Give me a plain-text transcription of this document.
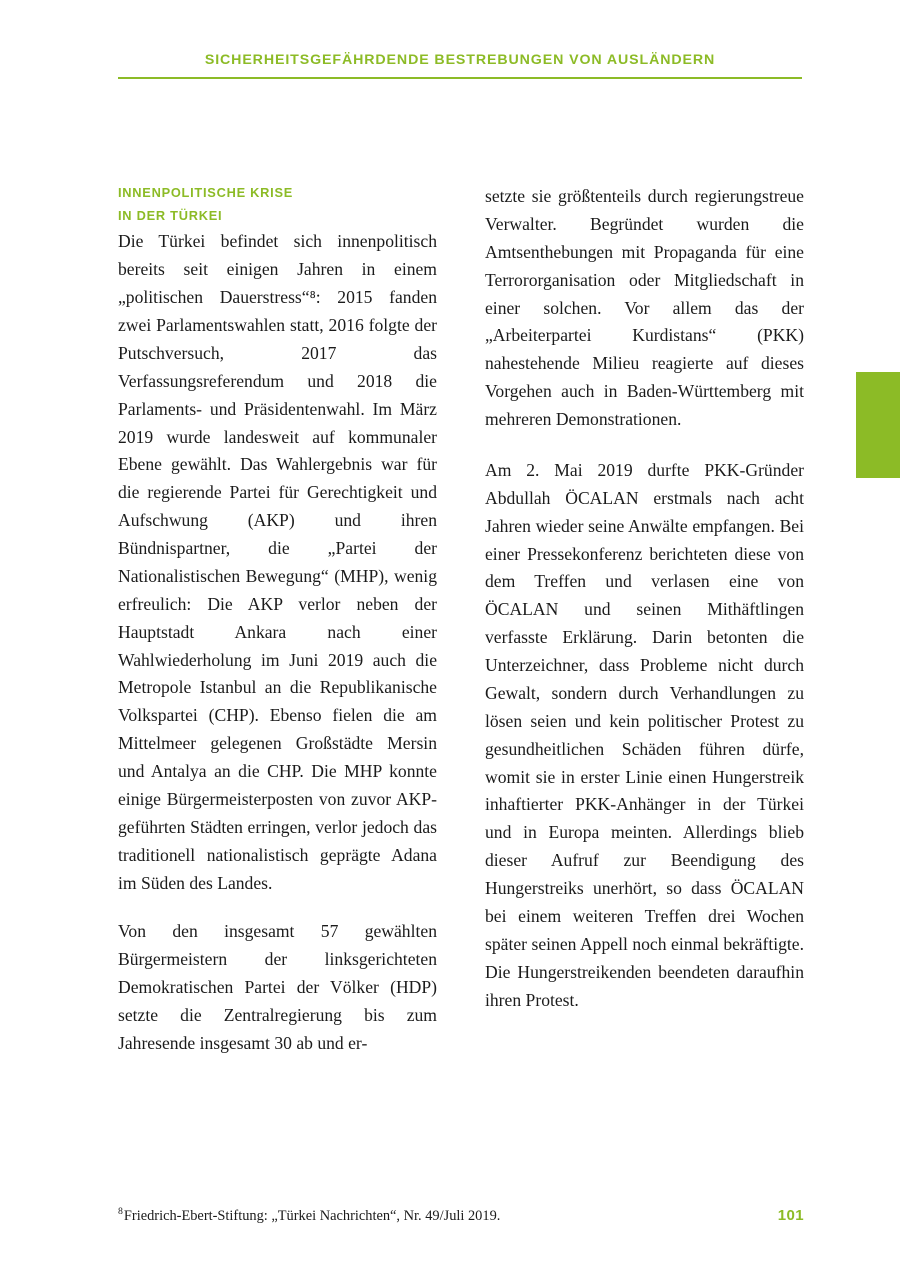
SICHERHEITSGEFÄHRDENDE BESTREBUNGEN VON AUSLÄNDERN
INNENPOLITISCHE KRISE
IN DER TÜRKEI

Die Türkei befindet sich innenpolitisch bereits seit einigen Jahren in einem „politischen Dauerstress“⁸: 2015 fanden zwei Parlamentswahlen statt, 2016 folgte der Putschversuch, 2017 das Verfassungsreferendum und 2018 die Parlaments- und Präsidentenwahl. Im März 2019 wurde landesweit auf kommunaler Ebene gewählt. Das Wahlergebnis war für die regierende Partei für Gerechtigkeit und Aufschwung (AKP) und ihren Bündnispartner, die „Partei der Nationalistischen Bewegung“ (MHP), wenig erfreulich: Die AKP verlor neben der Hauptstadt Ankara nach einer Wahlwiederholung im Juni 2019 auch die Metropole Istanbul an die Republikanische Volkspartei (CHP). Ebenso fielen die am Mittelmeer gelegenen Großstädte Mersin und Antalya an die CHP. Die MHP konnte einige Bürgermeisterposten von zuvor AKP-geführten Städten erringen, verlor jedoch das traditionell nationalistisch geprägte Adana im Süden des Landes.

Von den insgesamt 57 gewählten Bürgermeistern der linksgerichteten Demokratischen Partei der Völker (HDP) setzte die Zentralregierung bis zum Jahresende insgesamt 30 ab und er-

setzte sie größtenteils durch regierungstreue Verwalter. Begründet wurden die Amtsenthebungen mit Propaganda für eine Terrororganisation oder Mitgliedschaft in einer solchen. Vor allem das der „Arbeiterpartei Kurdistans“ (PKK) nahestehende Milieu reagierte auf dieses Vorgehen auch in Baden-Württemberg mit mehreren Demonstrationen.

Am 2. Mai 2019 durfte PKK-Gründer Abdullah ÖCALAN erstmals nach acht Jahren wieder seine Anwälte empfangen. Bei einer Pressekonferenz berichteten diese von dem Treffen und verlasen eine von ÖCALAN und seinen Mithäftlingen verfasste Erklärung. Darin betonten die Unterzeichner, dass Probleme nicht durch Gewalt, sondern durch Verhandlungen zu lösen seien und kein politischer Protest zu gesundheitlichen Schäden führen dürfe, womit sie in erster Linie einen Hungerstreik inhaftierter PKK-Anhänger in der Türkei und in Europa meinten. Allerdings blieb dieser Aufruf zur Beendigung des Hungerstreiks unerhört, so dass ÖCALAN bei einem weiteren Treffen drei Wochen später seinen Appell noch einmal bekräftigte. Die Hungerstreikenden beendeten daraufhin ihren Protest.

$^8$Friedrich-Ebert-Stiftung: „Türkei Nachrichten“, Nr. 49/Juli 2019.	101
